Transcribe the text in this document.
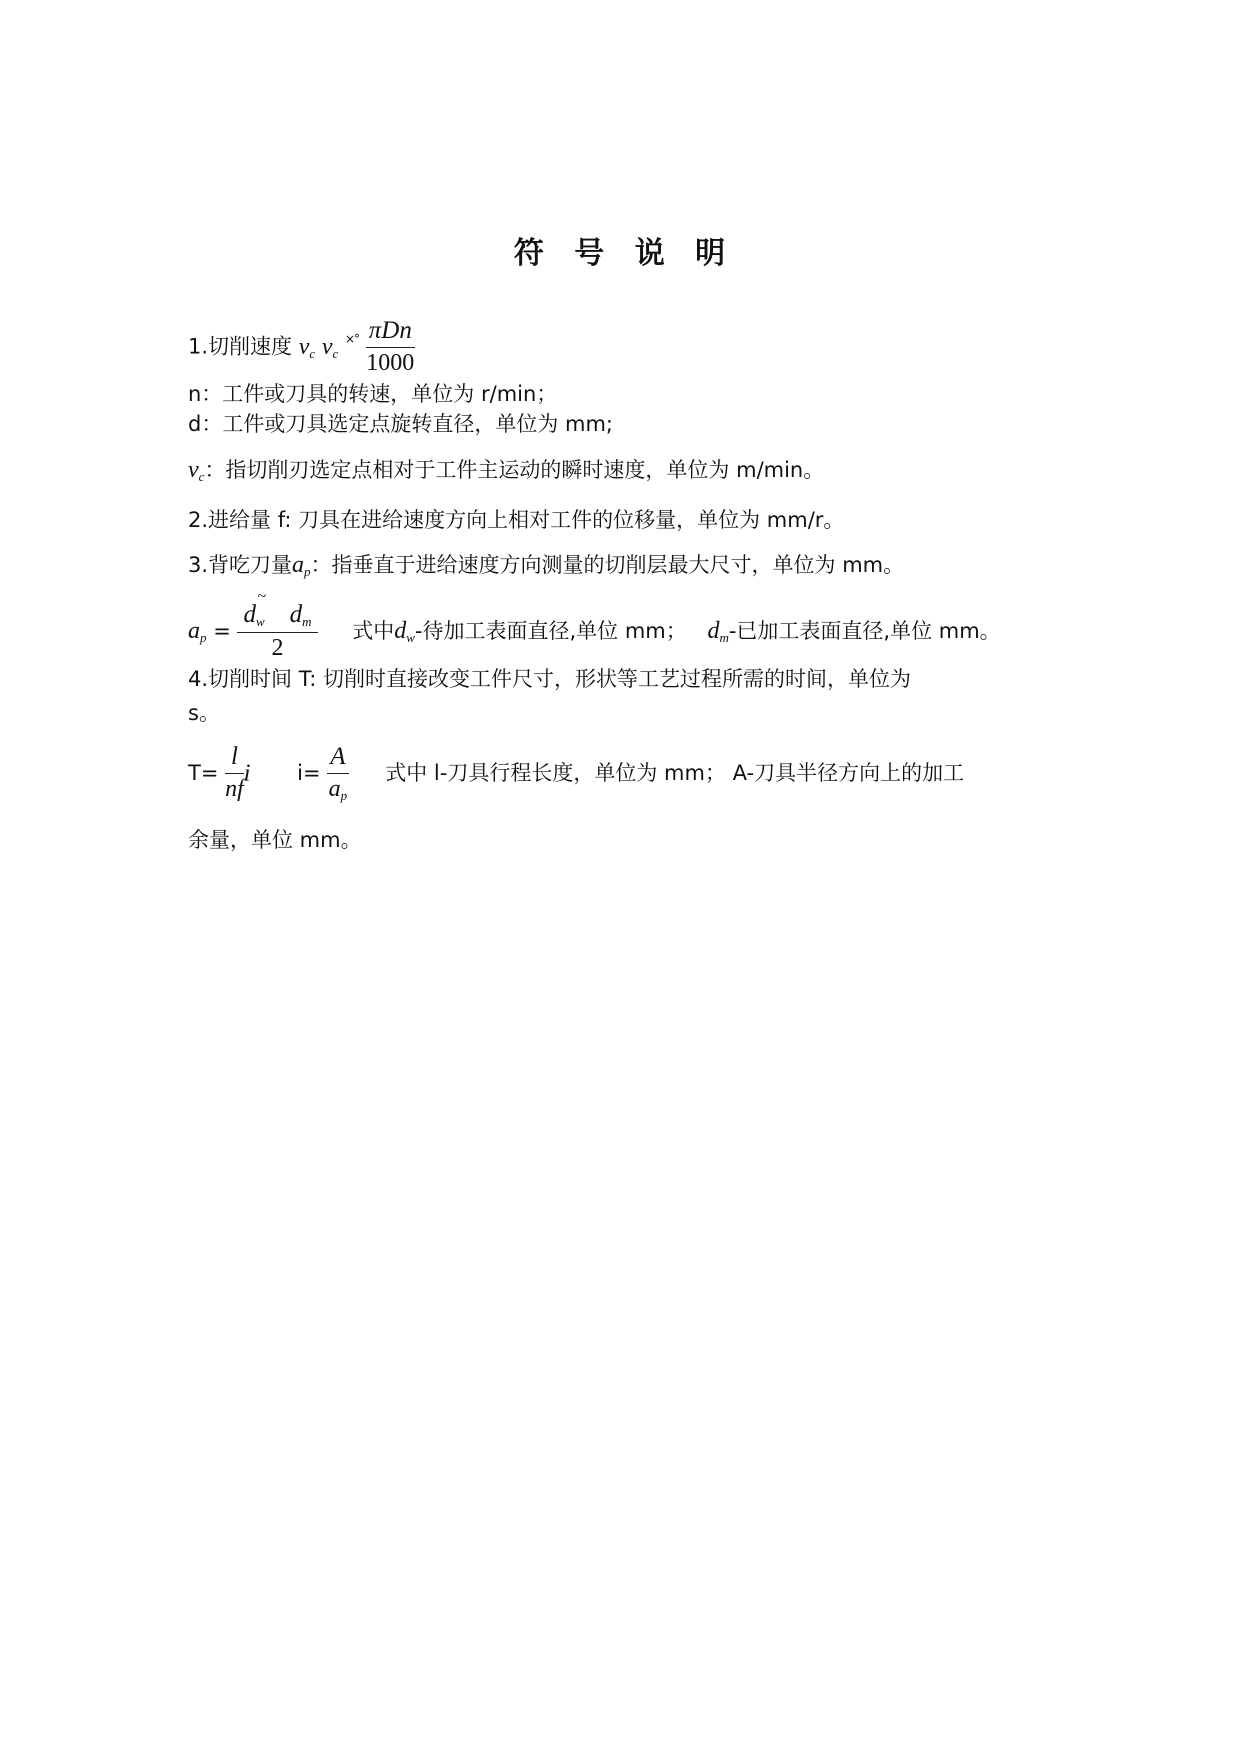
符 号 说 明
1.切削速度 $v_c$ $v_c$ $^{\times^\circ} \frac{\text{πDn}}{1000}$
n：工件或刀具的转速，单位为 r/min；
d：工件或刀具选定点旋转直径，单位为 mm;
$v_c$：指切削刃选定点相对于工件主运动的瞬时速度，单位为 m/min。
2.进给量 f: 刀具在进给速度方向上相对工件的位移量，单位为 mm/r。
3.背吃刀量$a_p$：指垂直于进给速度方向测量的切削层最大尺寸，单位为 mm。
$a_p = \frac{d_w \sim d_m}{2}$ 式中$d_w-$待加工表面直径,单位 mm； $d_m-$已加工表面直径,单位 mm。
4.切削时间 T: 切削时直接改变工件尺寸，形状等工艺过程所需的时间，单位为
s。
$T= \frac{l}{nf}$ i $i= \frac{A}{a_p}$ 式中 l-刀具行程长度，单位为 mm； A-刀具半径方向上的加工
余量，单位 mm。
